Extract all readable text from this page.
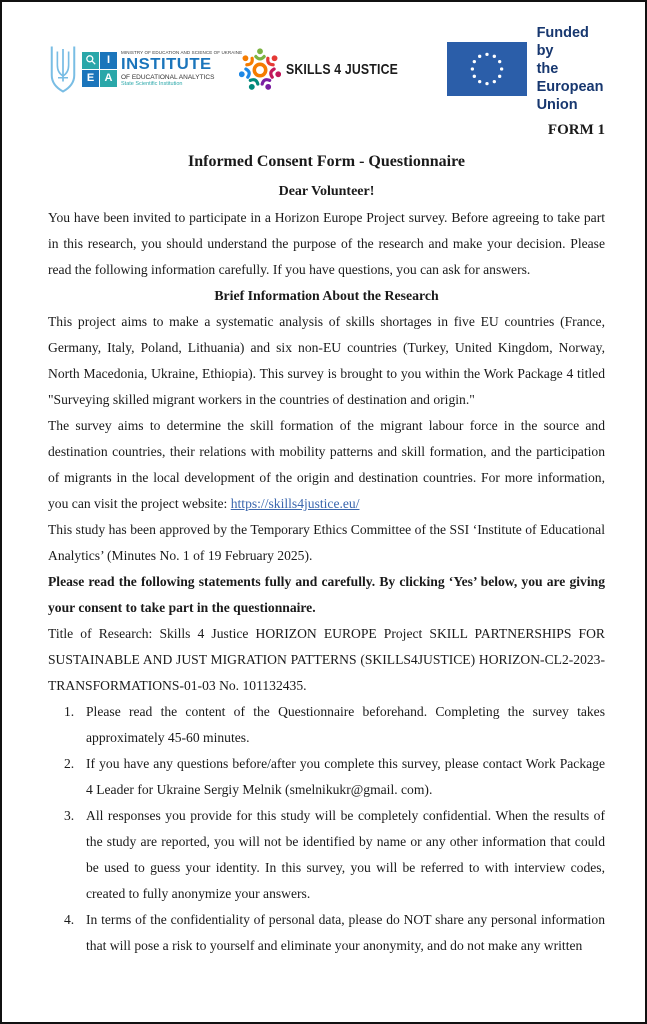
I
E A
MINISTRY OF EDUCATION AND SCIENCE OF UKRAINE
INSTITUTE
OF EDUCATIONAL ANALYTICS
State Scientific Institution
SKILLS 4 JUSTICE
Funded by
the European Union
FORM 1
Informed Consent Form - Questionnaire
Dear Volunteer!

You have been invited to participate in a Horizon Europe Project survey. Before agreeing to take part in this research, you should understand the purpose of the research and make your decision. Please read the following information carefully. If you have questions, you can ask for answers.

Brief Information About the Research

This project aims to make a systematic analysis of skills shortages in five EU countries (France, Germany, Italy, Poland, Lithuania) and six non-EU countries (Turkey, United Kingdom, Norway, North Macedonia, Ukraine, Ethiopia). This survey is brought to you within the Work Package 4 titled "Surveying skilled migrant workers in the countries of destination and origin."

The survey aims to determine the skill formation of the migrant labour force in the source and destination countries, their relations with mobility patterns and skill formation, and the participation of migrants in the local development of the origin and destination countries. For more information, you can visit the project website: https://skills4justice.eu/

This study has been approved by the Temporary Ethics Committee of the SSI ‘Institute of Educational Analytics’ (Minutes No. 1 of 19 February 2025).

Please read the following statements fully and carefully. By clicking ‘Yes’ below, you are giving your consent to take part in the questionnaire.

Title of Research: Skills 4 Justice HORIZON EUROPE Project SKILL PARTNERSHIPS FOR SUSTAINABLE AND JUST MIGRATION PATTERNS (SKILLS4JUSTICE) HORIZON-CL2-2023-TRANSFORMATIONS-01-03 No. 101132435.

1. Please read the content of the Questionnaire beforehand. Completing the survey takes approximately 45-60 minutes.
2. If you have any questions before/after you complete this survey, please contact Work Package 4 Leader for Ukraine Sergiy Melnik (smelnikukr@gmail. com).
3. All responses you provide for this study will be completely confidential. When the results of the study are reported, you will not be identified by name or any other information that could be used to guess your identity. In this survey, you will be referred to with interview codes, created to fully anonymize your answers.
4. In terms of the confidentiality of personal data, please do NOT share any personal information that will pose a risk to yourself and eliminate your anonymity, and do not make any written
